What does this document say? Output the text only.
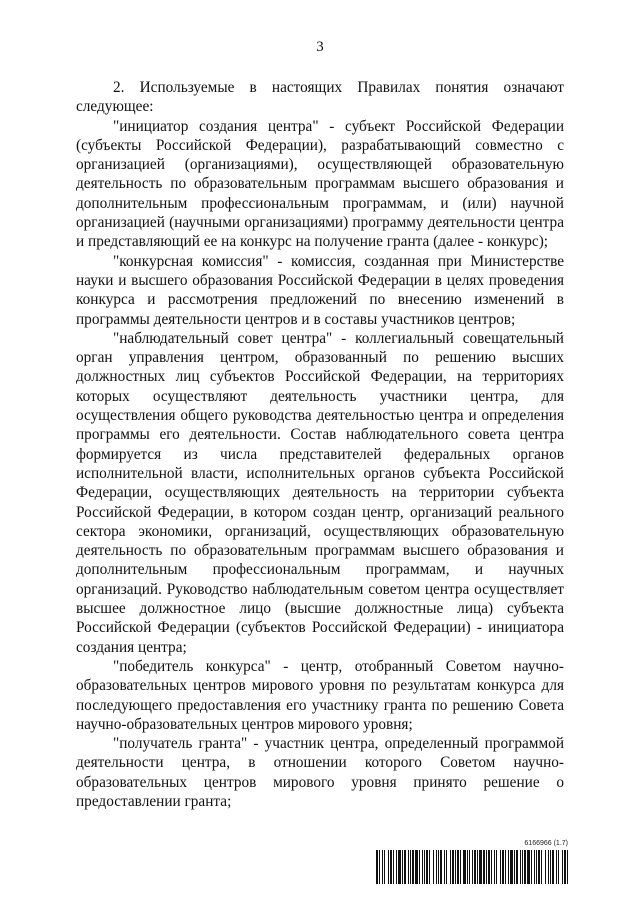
3

2. Используемые в настоящих Правилах понятия означают следующее:

"инициатор создания центра" - субъект Российской Федерации (субъекты Российской Федерации), разрабатывающий совместно с организацией (организациями), осуществляющей образовательную деятельность по образовательным программам высшего образования и дополнительным профессиональным программам, и (или) научной организацией (научными организациями) программу деятельности центра и представляющий ее на конкурс на получение гранта (далее - конкурс);

"конкурсная комиссия" - комиссия, созданная при Министерстве науки и высшего образования Российской Федерации в целях проведения конкурса и рассмотрения предложений по внесению изменений в программы деятельности центров и в составы участников центров;

"наблюдательный совет центра" - коллегиальный совещательный орган управления центром, образованный по решению высших должностных лиц субъектов Российской Федерации, на территориях которых осуществляют деятельность участники центра, для осуществления общего руководства деятельностью центра и определения программы его деятельности. Состав наблюдательного совета центра формируется из числа представителей федеральных органов исполнительной власти, исполнительных органов субъекта Российской Федерации, осуществляющих деятельность на территории субъекта Российской Федерации, в котором создан центр, организаций реального сектора экономики, организаций, осуществляющих образовательную деятельность по образовательным программам высшего образования и дополнительным профессиональным программам, и научных организаций. Руководство наблюдательным советом центра осуществляет высшее должностное лицо (высшие должностные лица) субъекта Российской Федерации (субъектов Российской Федерации) - инициатора создания центра;

"победитель конкурса" - центр, отобранный Советом научно-образовательных центров мирового уровня по результатам конкурса для последующего предоставления его участнику гранта по решению Совета научно-образовательных центров мирового уровня;

"получатель гранта" - участник центра, определенный программой деятельности центра, в отношении которого Советом научно-образовательных центров мирового уровня принято решение о предоставлении гранта;

6166966 (1.7)
